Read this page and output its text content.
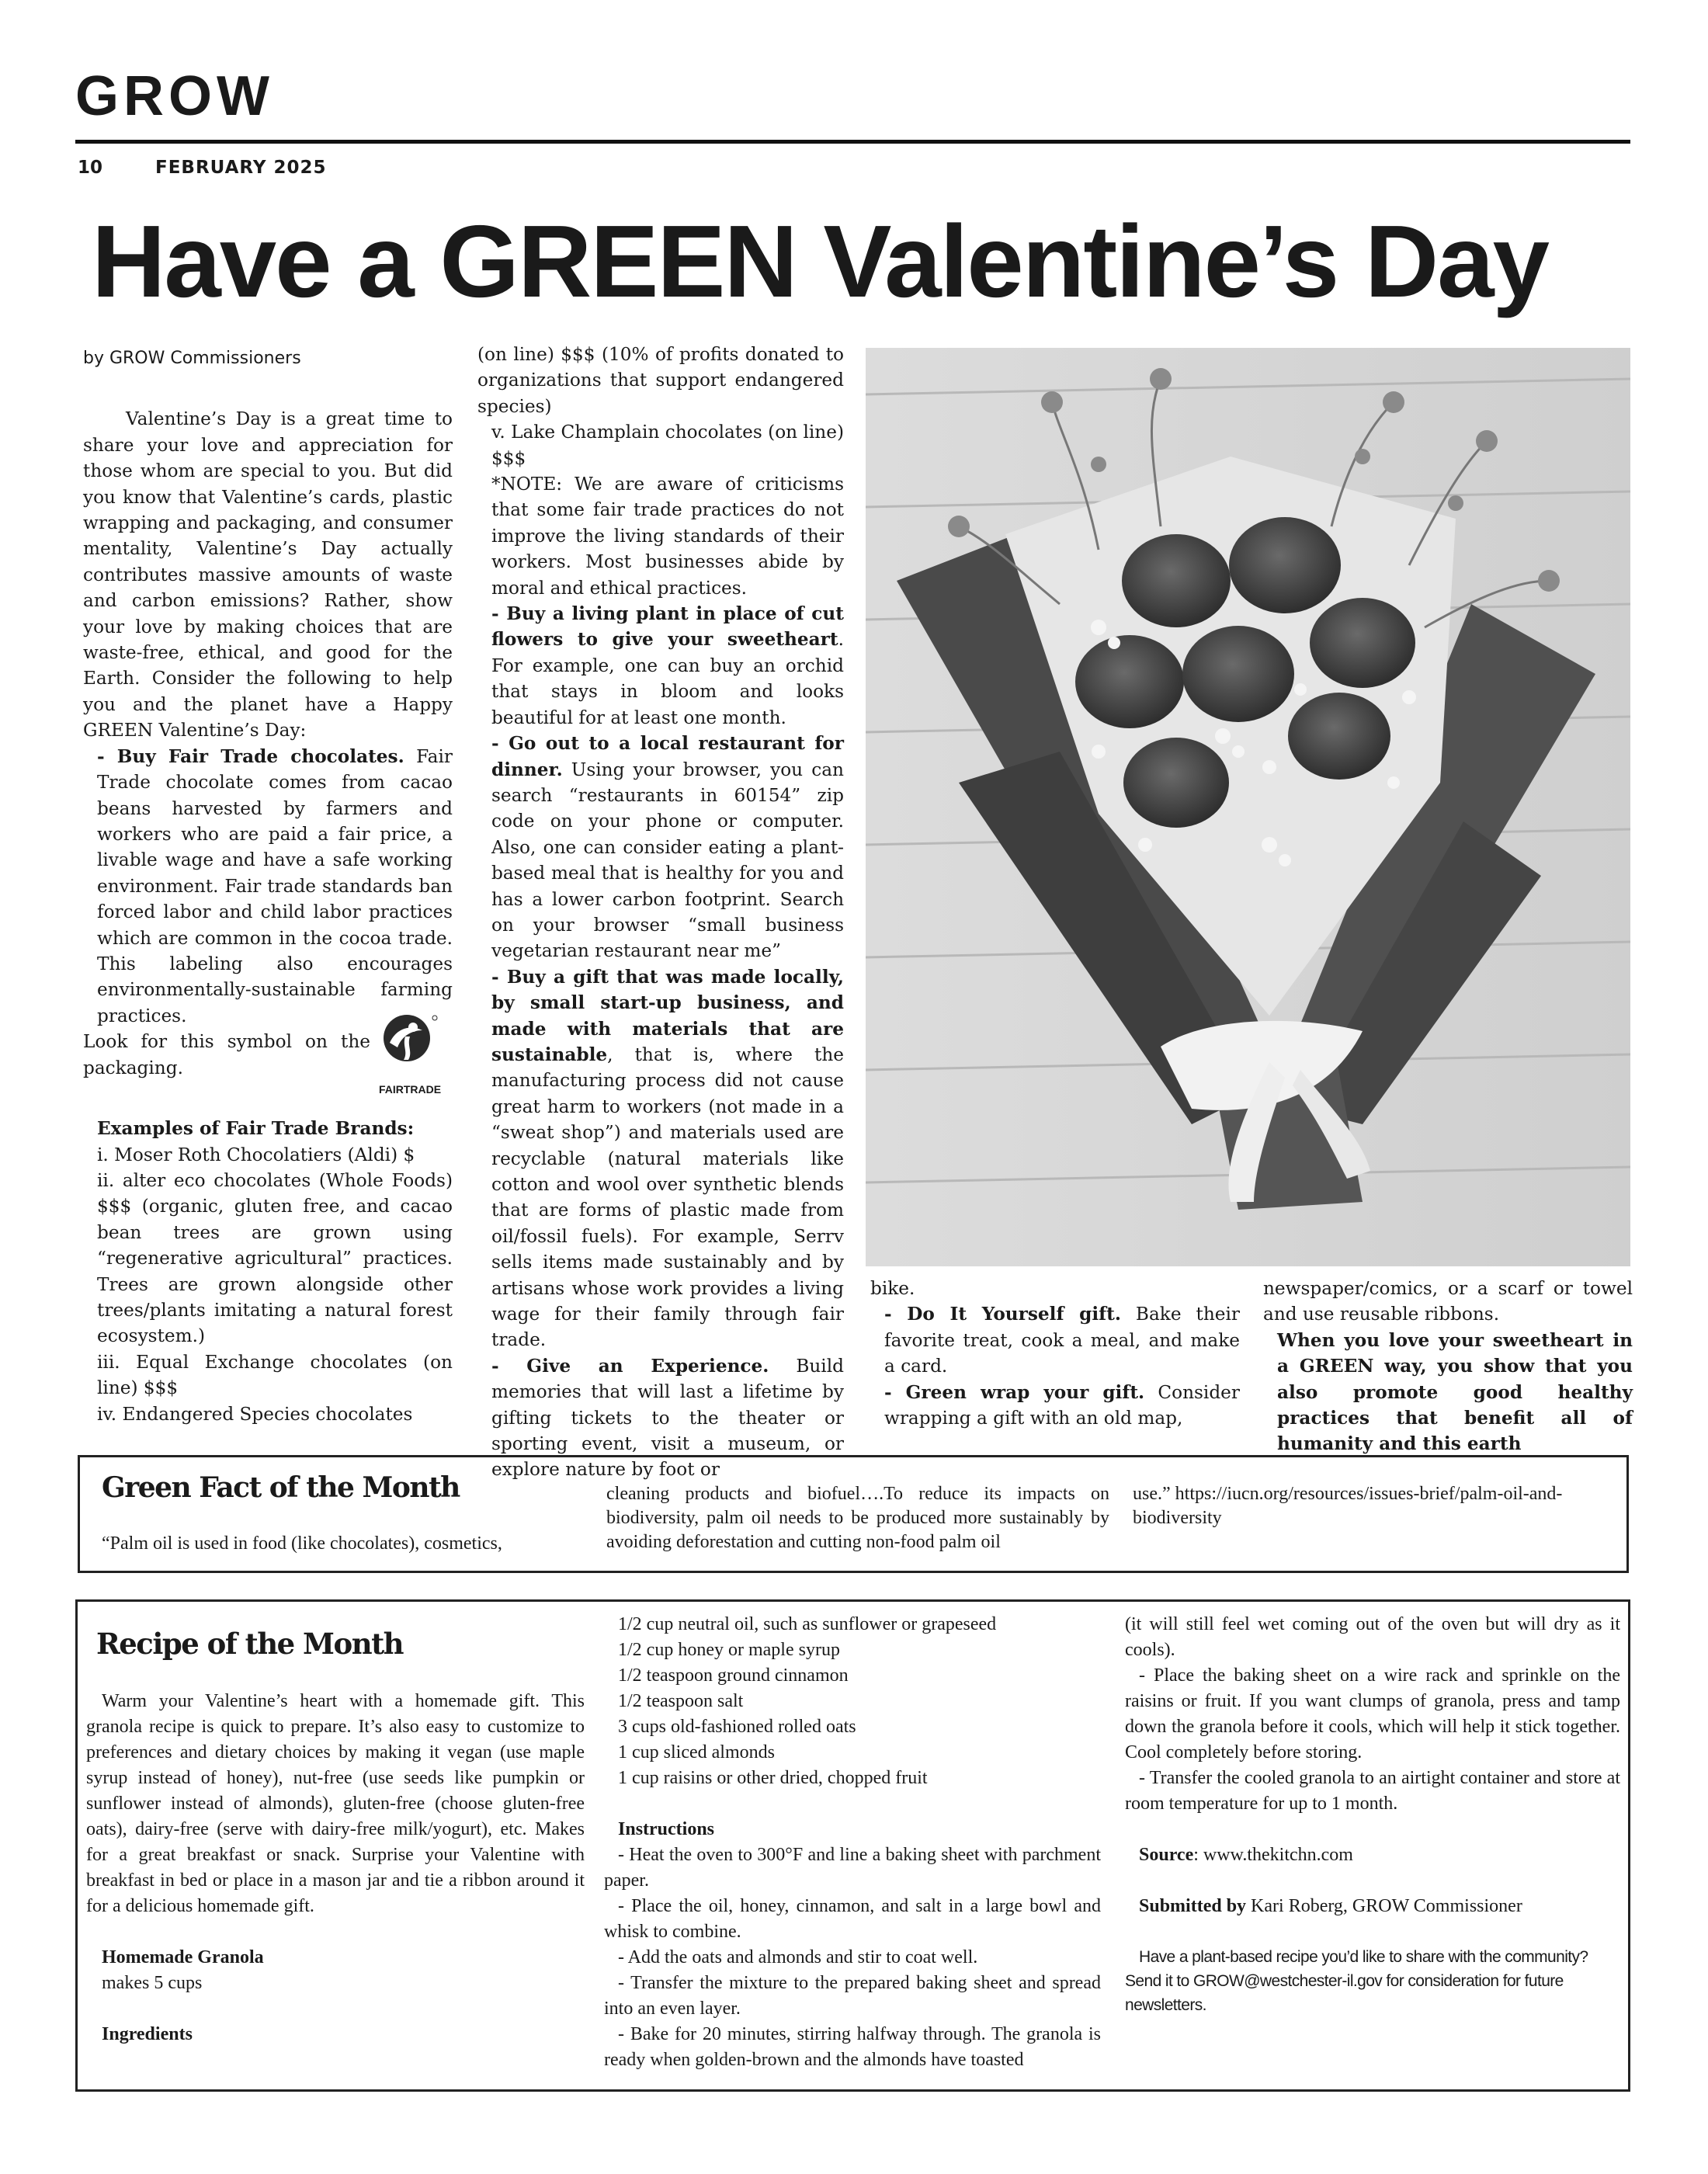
GROW
10	FEBRUARY 2025
Have a GREEN Valentine’s Day

by GROW Commissioners

Valentine’s Day is a great time to share your love and appreciation for those whom are special to you. But did you know that Valentine’s cards, plastic wrapping and packaging, and consumer mentality, Valentine’s Day actually contributes massive amounts of waste and carbon emissions? Rather, show your love by making choices that are waste-free, ethical, and good for the Earth. Consider the following to help you and the planet have a Happy GREEN Valentine’s Day:

- Buy Fair Trade chocolates. Fair Trade chocolate comes from cacao beans harvested by farmers and workers who are paid a fair price, a livable wage and have a safe working environment. Fair trade standards ban forced labor and child labor practices which are common in the cocoa trade. This labeling also encourages environmentally-sustainable farming practices.

Look for this symbol on the packaging.
FAIRTRADE

Examples of Fair Trade Brands:

i. Moser Roth Chocolatiers (Aldi) $

ii. alter eco chocolates (Whole Foods) $$$ (organic, gluten free, and cacao bean trees are grown using “regenerative agricultural” practices. Trees are grown alongside other trees/plants imitating a natural forest ecosystem.)

iii. Equal Exchange chocolates (on line) $$$

iv. Endangered Species chocolates

(on line) $$$ (10% of profits donated to organizations that support endangered species)

v. Lake Champlain chocolates (on line) $$$

*NOTE: We are aware of criticisms that some fair trade practices do not improve the living standards of their workers. Most businesses abide by moral and ethical practices.

- Buy a living plant in place of cut flowers to give your sweetheart. For example, one can buy an orchid that stays in bloom and looks beautiful for at least one month.

- Go out to a local restaurant for dinner. Using your browser, you can search “restaurants in 60154” zip code on your phone or computer. Also, one can consider eating a plant-based meal that is healthy for you and has a lower carbon footprint. Search on your browser “small business vegetarian restaurant near me”

- Buy a gift that was made locally, by small start-up business, and made with materials that are sustainable, that is, where the manufacturing process did not cause great harm to workers (not made in a “sweat shop”) and materials used are recyclable (natural materials like cotton and wool over synthetic blends that are forms of plastic made from oil/fossil fuels). For example, Serrv sells items made sustainably and by artisans whose work provides a living wage for their family through fair trade.

- Give an Experience. Build memories that will last a lifetime by gifting tickets to the theater or sporting event, visit a museum, or explore nature by foot or

bike.

- Do It Yourself gift. Bake their favorite treat, cook a meal, and make a card.

- Green wrap your gift. Consider wrapping a gift with an old map,

newspaper/comics, or a scarf or towel and use reusable ribbons.

When you love your sweetheart in a GREEN way, you show that you also promote good healthy practices that benefit all of humanity and this earth

Green Fact of the Month
“Palm oil is used in food (like chocolates), cosmetics,
cleaning products and biofuel….To reduce its impacts on biodiversity, palm oil needs to be produced more sustainably by avoiding deforestation and cutting non-food palm oil
use.” https://iucn.org/resources/issues-brief/palm-oil-and-biodiversity
Recipe of the Month

Warm your Valentine’s heart with a homemade gift. This granola recipe is quick to prepare. It’s also easy to customize to preferences and dietary choices by making it vegan (use maple syrup instead of honey), nut-free (use seeds like pumpkin or sunflower instead of almonds), gluten-free (choose gluten-free oats), dairy-free (serve with dairy-free milk/yogurt), etc. Makes for a great breakfast or snack. Surprise your Valentine with breakfast in bed or place in a mason jar and tie a ribbon around it for a delicious homemade gift.

Homemade Granola

makes 5 cups

Ingredients

1/2 cup neutral oil, such as sunflower or grapeseed

1/2 cup honey or maple syrup

1/2 teaspoon ground cinnamon

1/2 teaspoon salt

3 cups old-fashioned rolled oats

1 cup sliced almonds

1 cup raisins or other dried, chopped fruit

Instructions

- Heat the oven to 300°F and line a baking sheet with parchment paper.

- Place the oil, honey, cinnamon, and salt in a large bowl and whisk to combine.

- Add the oats and almonds and stir to coat well.

- Transfer the mixture to the prepared baking sheet and spread into an even layer.

- Bake for 20 minutes, stirring halfway through. The granola is ready when golden-brown and the almonds have toasted

(it will still feel wet coming out of the oven but will dry as it cools).

- Place the baking sheet on a wire rack and sprinkle on the raisins or fruit. If you want clumps of granola, press and tamp down the granola before it cools, which will help it stick together. Cool completely before storing.

- Transfer the cooled granola to an airtight container and store at room temperature for up to 1 month.

Source: www.thekitchn.com

Submitted by Kari Roberg, GROW Commissioner

Have a plant-based recipe you’d like to share with the community? Send it to GROW@westchester-il.gov for consideration for future newsletters.
